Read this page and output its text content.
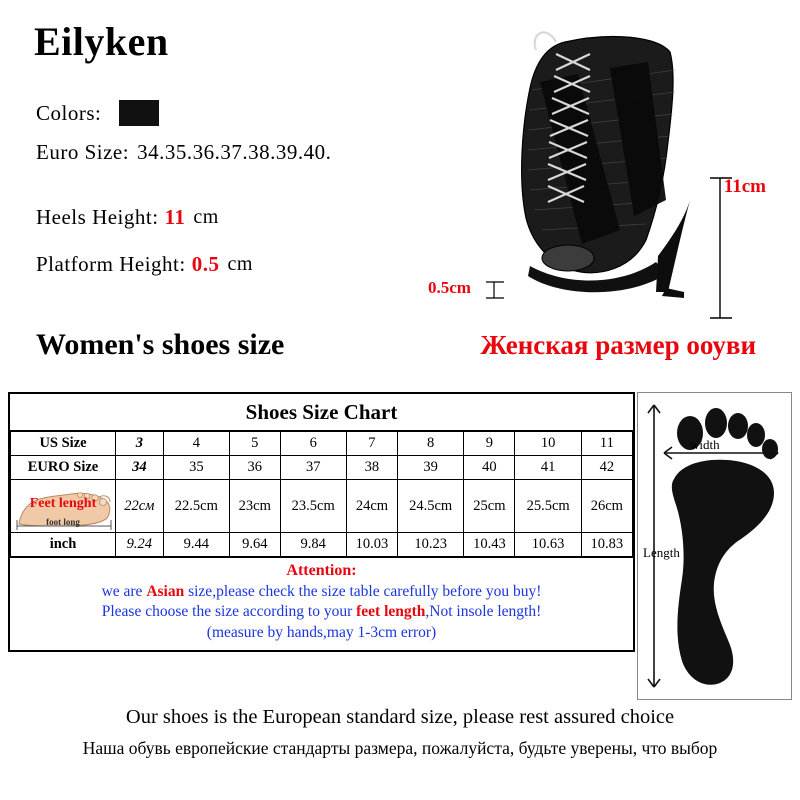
Eilyken
Colors:
Euro Size: 34.35.36.37.38.39.40.
Heels Height: 11 cm
Platform Height: 0.5 cm
11cm
0.5cm
Women's shoes size	Женская размер ооуви
Shoes Size Chart
US Size	3	4	5	6	7	8	9	10	11
EURO Size	34	35	36	37	38	39	40	41	42

foot long
Feet lenght	22см	22.5cm	23cm	23.5cm	24cm	24.5cm	25cm	25.5cm	26cm
inch	9.24	9.44	9.64	9.84	10.03	10.23	10.43	10.63	10.83
Attention:
we are Asian size,please check the size table carefully before you buy!
Please choose the size according to your feet length,Not insole length!
(measure by hands,may 1-3cm error)
width
Length
Our shoes is the European standard size, please rest assured choice
Наша обувь европейские стандарты размера, пожалуйста, будьте уверены, что выбор
